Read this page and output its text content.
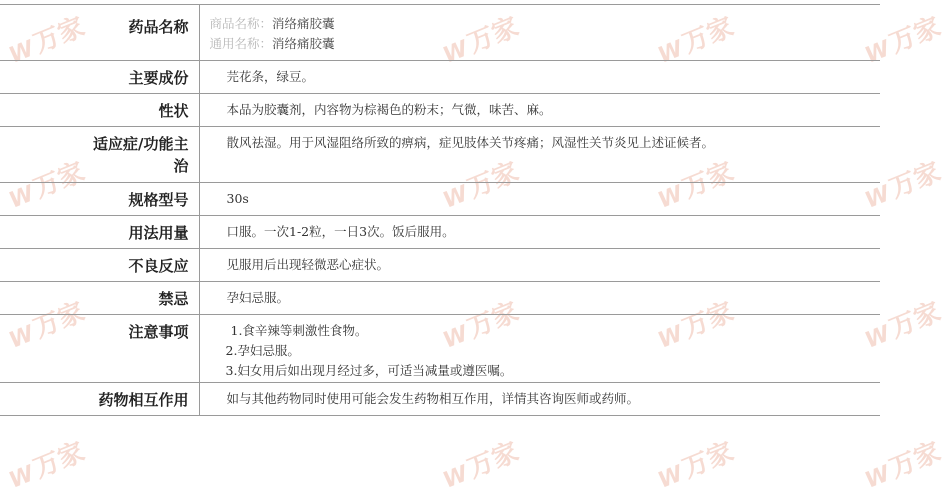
W万家	W万家	W万家	W万家
W万家	W万家	W万家	W万家
W万家	W万家	W万家	W万家
W万家	W万家	W万家	W万家
药品名称	商品名称：消络痛胶囊
通用名称：消络痛胶囊

主要成份	芫花条，绿豆。

性状	本品为胶囊剂，内容物为棕褐色的粉末；气微，味苦、麻。

适应症/功能主
治	散风祛湿。用于风湿阻络所致的痹病，症见肢体关节疼痛；风湿性关节炎见上述证候者。

规格型号	30s

用法用量	口服。一次1-2粒，一日3次。饭后服用。

不良反应	见服用后出现轻微恶心症状。

禁忌	孕妇忌服。

注意事项	1.食辛辣等刺激性食物。
2.孕妇忌服。
3.妇女用后如出现月经过多，可适当减量或遵医嘱。

药物相互作用	如与其他药物同时使用可能会发生药物相互作用，详情其咨询医师或药师。
